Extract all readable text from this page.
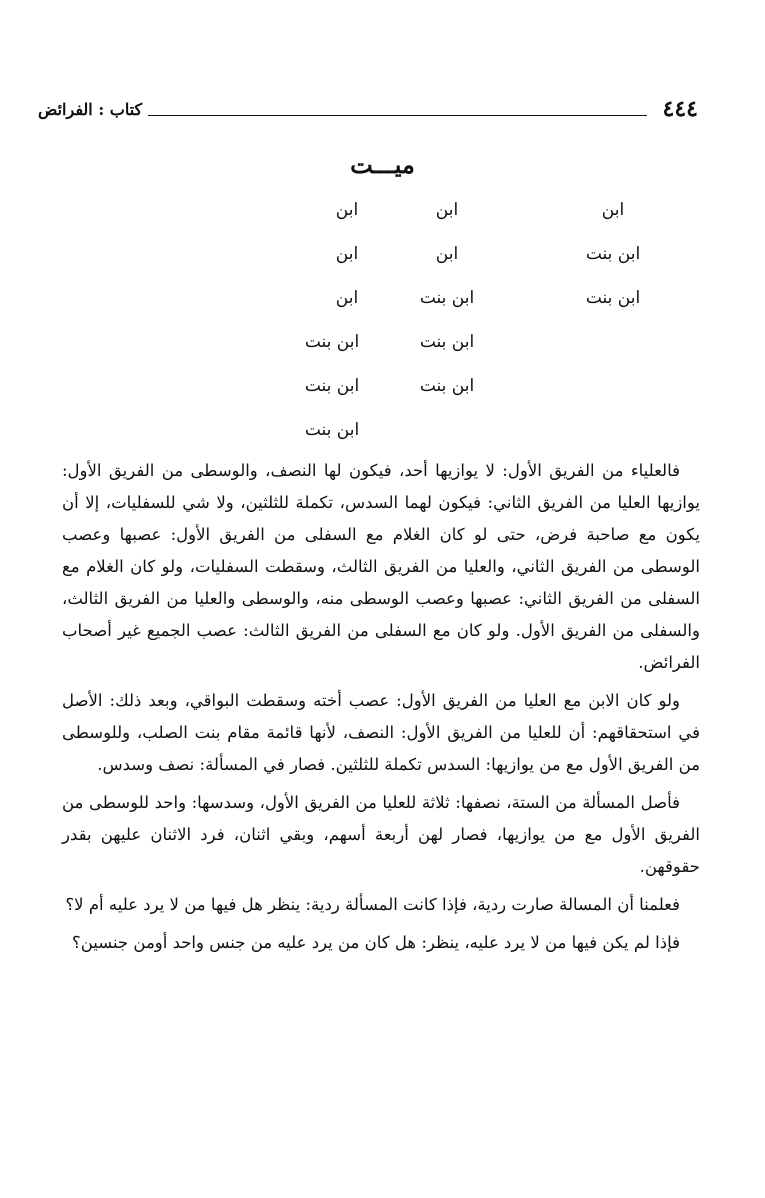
٤٤٤
كتاب : الفرائض
ميـــت
ابن
ابن بنت
ابن بنت
ابن
ابن
ابن بنت
ابن بنت
ابن بنت
ابن
ابن
ابن
ابن بنت
ابن بنت
ابن بنت

فالعلياء من الفريق الأول: لا يوازيها أحد، فيكون لها النصف، والوسطى من الفريق الأول: يوازيها العليا من الفريق الثاني: فيكون لهما السدس، تكملة للثلثين، ولا شي للسفليات، إلا أن يكون مع صاحبة فرض، حتى لو كان الغلام مع السفلى من الفريق الأول: عصبها وعصب الوسطى من الفريق الثاني، والعليا من الفريق الثالث، وسقطت السفليات، ولو كان الغلام مع السفلى من الفريق الثاني: عصبها وعصب الوسطى منه، والوسطى والعليا من الفريق الثالث، والسفلى من الفريق الأول. ولو كان مع السفلى من الفريق الثالث: عصب الجميع غير أصحاب الفرائض.

ولو كان الابن مع العليا من الفريق الأول: عصب أخته وسقطت البواقي، وبعد ذلك: الأصل في استحقاقهم: أن للعليا من الفريق الأول: النصف، لأنها قائمة مقام بنت الصلب، وللوسطى من الفريق الأول مع من يوازيها: السدس تكملة للثلثين. فصار في المسألة: نصف وسدس.

فأصل المسألة من الستة، نصفها: ثلاثة للعليا من الفريق الأول، وسدسها: واحد للوسطى من الفريق الأول مع من يوازيها، فصار لهن أربعة أسهم، وبقي اثنان، فرد الاثنان عليهن بقدر حقوقهن.

فعلمنا أن المسالة صارت ردية، فإذا كانت المسألة ردية: ينظر هل فيها من لا يرد عليه أم لا؟

فإذا لم يكن فيها من لا يرد عليه، ينظر: هل كان من يرد عليه من جنس واحد أومن جنسين؟
